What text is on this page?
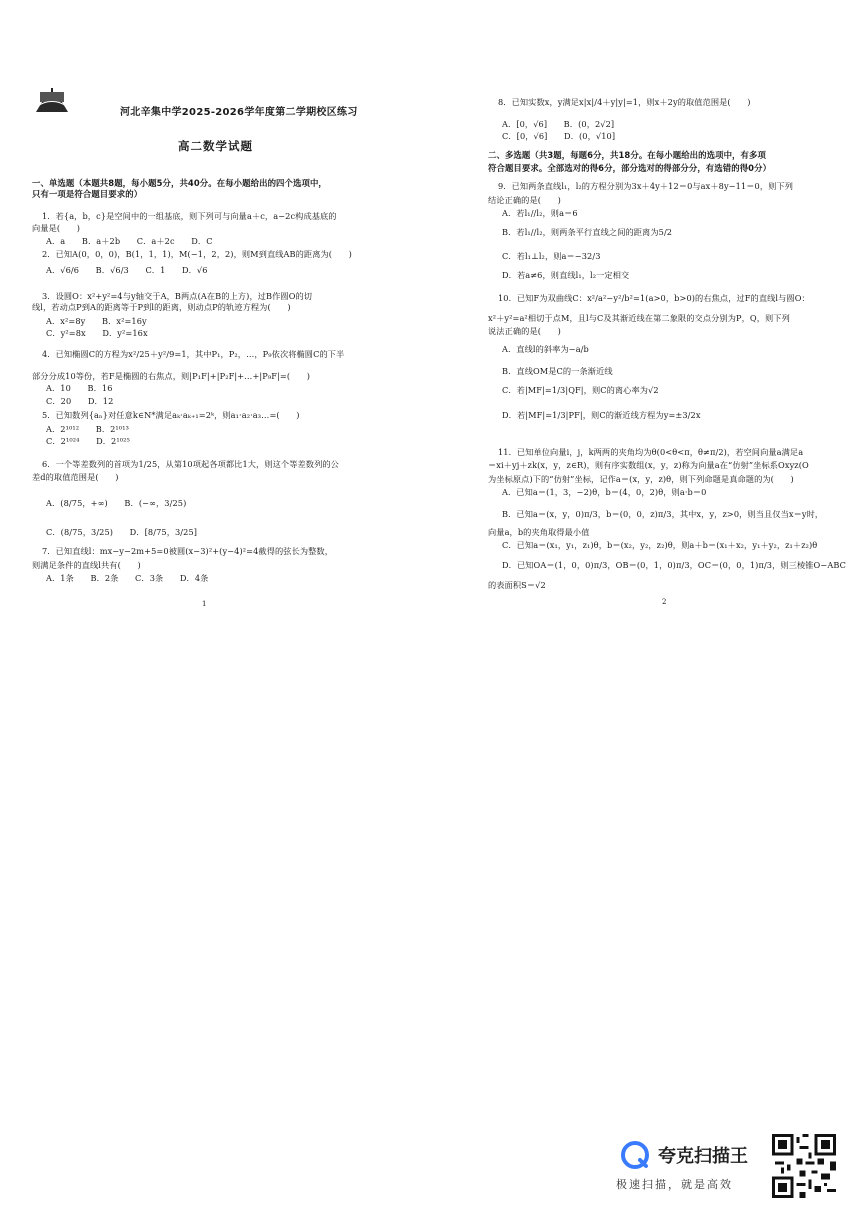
河北辛集中学2025-2026学年度第二学期校区练习
高二数学试题
一、单选题（本题共8题，每小题5分，共40分。在每小题给出的四个选项中，
只有一项是符合题目要求的）
1．若{a，b，c}是空间中的一组基底，则下列可与向量a＋c，a−2c构成基底的
向量是(　　)
A．a　　B．a＋2b　　C．a＋2c　　D．C
2．已知A(0，0，0)，B(1，1，1)，M(−1，2，2)，则M到直线AB的距离为(　　)
A．√6/6　　B．√6/3　　C．1　　D．√6
3．设圆O：x²+y²=4与y轴交于A，B两点(A在B的上方)，过B作圆O的切
线l，若动点P到A的距离等于P到l的距离，则动点P的轨迹方程为(　　)
A．x²=8y　　B．x²=16y
C．y²=8x　　D．y²=16x
4．已知椭圆C的方程为x²/25＋y²/9=1，其中P₁，P₂，…，P₉依次将椭圆C的下半
部分分成10等份，若F是椭圆的右焦点，则|P₁F|+|P₂F|+…+|P₉F|=(　　)
A．10　　B．16
C．20　　D．12
5．已知数列{aₙ}对任意k∈N*满足aₖ·aₖ₊₁=2ᵏ，则a₁·a₂·a₃…=(　　)
A．2¹⁰¹²　　B．2¹⁰¹³
C．2¹⁰²⁴　　D．2¹⁰²⁵
6．一个等差数列的首项为1/25，从第10项起各项都比1大，则这个等差数列的公
差d的取值范围是(　　)
A．(8/75，+∞)　　B．(−∞，3/25)
C．(8/75，3/25)　　D．[8/75，3/25]
7．已知直线l：mx−y−2m+5=0被圆(x−3)²+(y−4)²=4截得的弦长为整数，
则满足条件的直线l共有(　　)
A．1条　　B．2条　　C．3条　　D．4条
1
8．已知实数x，y满足x|x|/4＋y|y|=1，则x＋2y的取值范围是(　　)
A．[0，√6]　　B．(0，2√2]
C．[0，√6]　　D．(0，√10]
二、多选题（共3题，每题6分，共18分。在每小题给出的选项中，有多项
符合题目要求。全部选对的得6分，部分选对的得部分分，有选错的得0分）
9．已知两条直线l₁，l₂的方程分别为3x＋4y＋12＝0与ax＋8y−11＝0，则下列
结论正确的是(　　)
A．若l₁//l₂，则a＝6
B．若l₁//l₂，则两条平行直线之间的距离为5/2
C．若l₁⊥l₂，则a＝−32/3
D．若a≠6，则直线l₁，l₂一定相交
10．已知F为双曲线C：x²/a²−y²/b²=1(a>0，b>0)的右焦点，过F的直线l与圆O：
x²＋y²=a²相切于点M，且l与C及其渐近线在第二象限的交点分别为P，Q，则下列
说法正确的是(　　)
A．直线l的斜率为−a/b
B．直线OM是C的一条渐近线
C．若|MF|=1/3|QF|，则C的离心率为√2
D．若|MF|=1/3|PF|，则C的渐近线方程为y=±3/2x
11．已知单位向量i，j，k两两的夹角均为θ(0<θ<π，θ≠π/2)，若空间向量a满足a
＝xi＋yj＋zk(x，y，z∈R)，则有序实数组(x，y，z)称为向量a在“仿射”坐标系Oxyz(O
为坐标原点)下的“仿射”坐标，记作a＝(x，y，z)θ，则下列命题是真命题的为(　　)
A．已知a＝(1，3，−2)θ，b＝(4，0，2)θ，则a·b＝0
B．已知a＝(x，y，0)π/3，b＝(0，0，z)π/3，其中x，y，z>0，则当且仅当x＝y时，
向量a，b的夹角取得最小值
C．已知a＝(x₁，y₁，z₁)θ，b＝(x₂，y₂，z₂)θ，则a＋b＝(x₁＋x₂，y₁＋y₂，z₁＋z₂)θ
D．已知OA＝(1，0，0)π/3，OB＝(0，1，0)π/3，OC＝(0，0，1)π/3，则三棱锥O−ABC
的表面积S＝√2
2
夸克扫描王
极速扫描，就是高效
